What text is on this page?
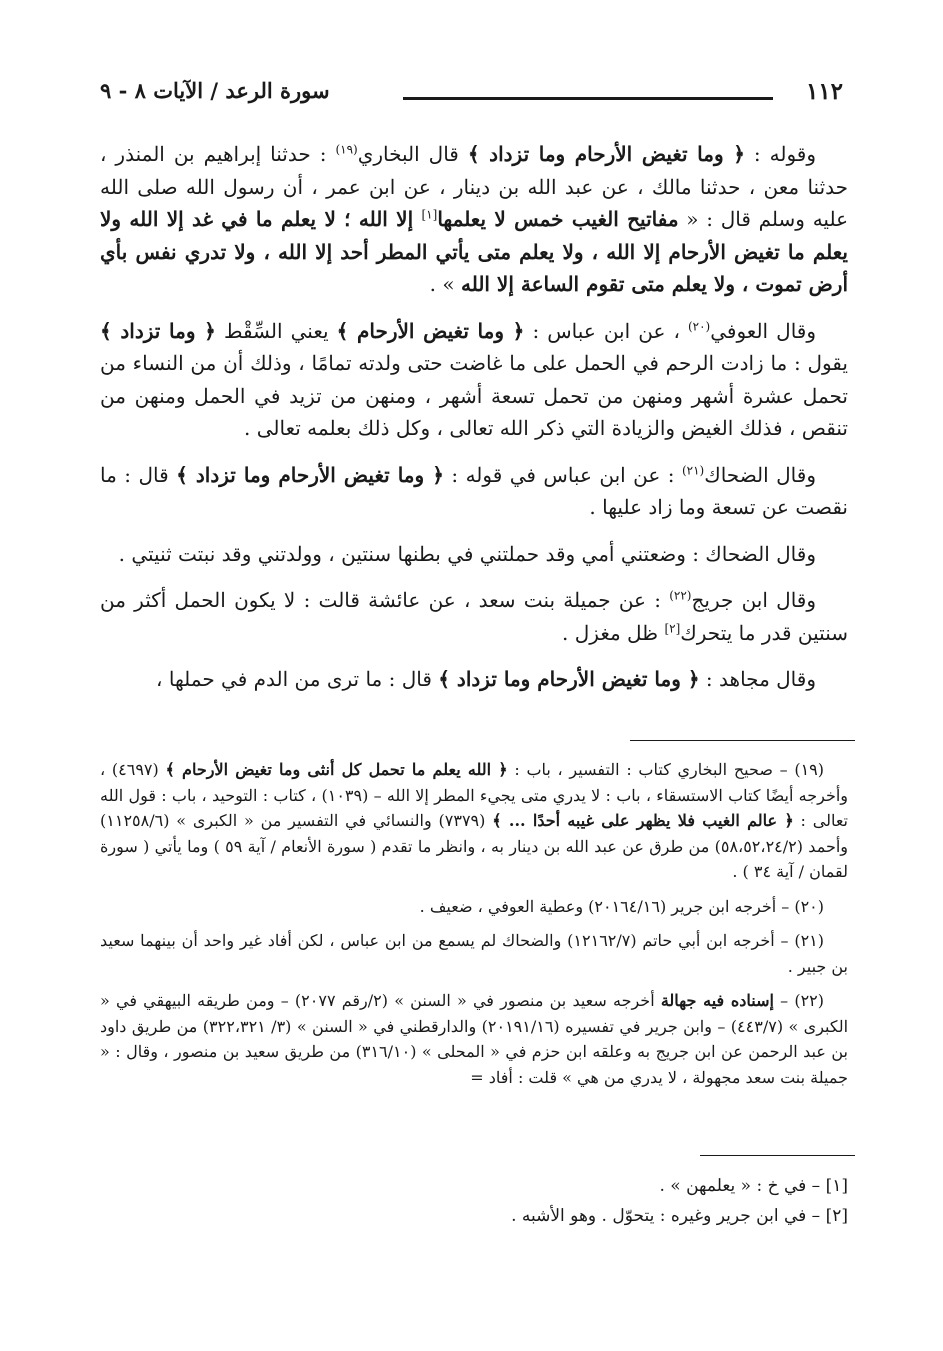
١١٢
سورة الرعد / الآيات ٨ - ٩

وقوله : ﴿ وما تغيض الأرحام وما تزداد ﴾ قال البخاري$^{(١٩)}$ : حدثنا إبراهيم بن المنذر ، حدثنا معن ، حدثنا مالك ، عن عبد الله بن دينار ، عن ابن عمر ، أن رسول الله صلى الله عليه وسلم قال : « مفاتيح الغيب خمس لا يعلمها[١] إلا الله ؛ لا يعلم ما في غد إلا الله ولا يعلم ما تغيض الأرحام إلا الله ، ولا يعلم متى يأتي المطر أحد إلا الله ، ولا تدري نفس بأي أرض تموت ، ولا يعلم متى تقوم الساعة إلا الله » .

وقال العوفي$^{(٢٠)}$ ، عن ابن عباس : ﴿ وما تغيض الأرحام ﴾ يعني السِّقْط ﴿ وما تزداد ﴾ يقول : ما زادت الرحم في الحمل على ما غاضت حتى ولدته تمامًا ، وذلك أن من النساء من تحمل عشرة أشهر ومنهن من تحمل تسعة أشهر ، ومنهن من تزيد في الحمل ومنهن من تنقص ، فذلك الغيض والزيادة التي ذكر الله تعالى ، وكل ذلك بعلمه تعالى .

وقال الضحاك$^{(٢١)}$ : عن ابن عباس في قوله : ﴿ وما تغيض الأرحام وما تزداد ﴾ قال : ما نقصت عن تسعة وما زاد عليها .

وقال الضحاك : وضعتني أمي وقد حملتني في بطنها سنتين ، وولدتني وقد نبتت ثنيتي .

وقال ابن جريج$^{(٢٢)}$ : عن جميلة بنت سعد ، عن عائشة قالت : لا يكون الحمل أكثر من سنتين قدر ما يتحرك[٢] ظل مغزل .

وقال مجاهد : ﴿ وما تغيض الأرحام وما تزداد ﴾ قال : ما ترى من الدم في حملها ،

(١٩) – صحيح البخاري كتاب : التفسير ، باب : ﴿ الله يعلم ما تحمل كل أنثى وما تغيض الأرحام ﴾ (٤٦٩٧) ، وأخرجه أيضًا كتاب الاستسقاء ، باب : لا يدري متى يجيء المطر إلا الله – (١٠٣٩) ، كتاب : التوحيد ، باب : قول الله تعالى : ﴿ عالم الغيب فلا يظهر على غيبه أحدًا ... ﴾ (٧٣٧٩) والنسائي في التفسير من « الكبرى » (١١٢٥٨/٦) وأحمد (٥٨،٥٢،٢٤/٢) من طرق عن عبد الله بن دينار به ، وانظر ما تقدم ( سورة الأنعام / آية ٥٩ ) وما يأتي ( سورة لقمان / آية ٣٤ ) .

(٢٠) – أخرجه ابن جرير (٢٠١٦٤/١٦) وعطية العوفي ، ضعيف .

(٢١) – أخرجه ابن أبي حاتم (١٢١٦٢/٧) والضحاك لم يسمع من ابن عباس ، لكن أفاد غير واحد أن بينهما سعيد بن جبير .

(٢٢) – إسناده فيه جهالة أخرجه سعيد بن منصور في « السنن » (٢/رقم ٢٠٧٧) – ومن طريقه البيهقي في « الكبرى » (٤٤٣/٧) – وابن جرير في تفسيره (٢٠١٩١/١٦) والدارقطني في « السنن » (٣/ ٣٢٢،٣٢١) من طريق داود بن عبد الرحمن عن ابن جريج به وعلقه ابن حزم في « المحلى » (٣١٦/١٠) من طريق سعيد بن منصور ، وقال : « جميلة بنت سعد مجهولة ، لا يدري من هي » قلت : أفاد =

[١] – في خ : « يعلمهن » .
[٢] – في ابن جرير وغيره : يتحوّل . وهو الأشبه .
